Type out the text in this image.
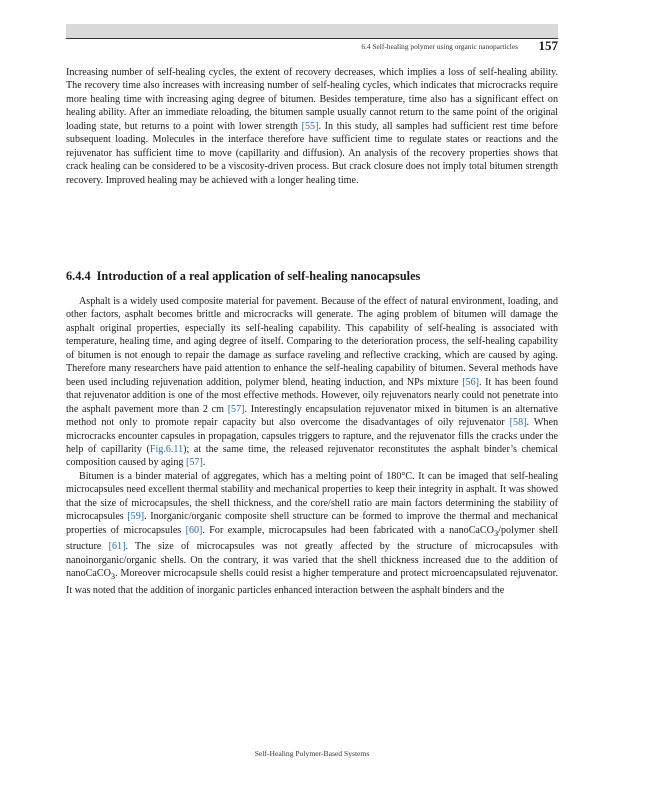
6.4 Self-healing polymer using organic nanoparticles 157

Increasing number of self-healing cycles, the extent of recovery decreases, which implies a loss of self-healing ability. The recovery time also increases with increasing number of self-healing cycles, which indicates that microcracks require more healing time with increasing aging degree of bitumen. Besides temperature, time also has a significant effect on healing ability. After an immediate reloading, the bitumen sample usually cannot return to the same point of the original loading state, but returns to a point with lower strength [55]. In this study, all samples had sufficient rest time before subsequent loading. Molecules in the interface therefore have sufficient time to regulate states or reactions and the rejuvenator has sufficient time to move (capillarity and diffusion). An analysis of the recovery properties shows that crack healing can be considered to be a viscosity-driven process. But crack closure does not imply total bitumen strength recovery. Improved healing may be achieved with a longer healing time.

6.4.4 Introduction of a real application of self-healing nanocapsules

Asphalt is a widely used composite material for pavement. Because of the effect of natural environment, loading, and other factors, asphalt becomes brittle and microcracks will generate. The aging problem of bitumen will damage the asphalt original properties, especially its self-healing capability. This capability of self-healing is associated with temperature, healing time, and aging degree of itself. Comparing to the deterioration process, the self-healing capability of bitumen is not enough to repair the damage as surface raveling and reflective cracking, which are caused by aging. Therefore many researchers have paid attention to enhance the self-healing capability of bitumen. Several methods have been used including rejuvenation addition, polymer blend, heating induction, and NPs mixture [56]. It has been found that rejuvenator addition is one of the most effective methods. However, oily rejuvenators nearly could not penetrate into the asphalt pavement more than 2 cm [57]. Interestingly encapsulation rejuvenator mixed in bitumen is an alternative method not only to promote repair capacity but also overcome the disadvantages of oily rejuvenator [58]. When microcracks encounter capsules in propagation, capsules triggers to rapture, and the rejuvenator fills the cracks under the help of capillarity (Fig.6.11); at the same time, the released rejuvenator reconstitutes the asphalt binder’s chemical composition caused by aging [57].

Bitumen is a binder material of aggregates, which has a melting point of 180°C. It can be imaged that self-healing microcapsules need excellent thermal stability and mechanical properties to keep their integrity in asphalt. It was showed that the size of microcapsules, the shell thickness, and the core/shell ratio are main factors determining the stability of microcapsules [59]. Inorganic/organic composite shell structure can be formed to improve the thermal and mechanical properties of microcapsules [60]. For example, microcapsules had been fabricated with a nanoCaCO$_3$/polymer shell structure [61]. The size of microcapsules was not greatly affected by the structure of microcapsules with nanoinorganic/organic shells. On the contrary, it was varied that the shell thickness increased due to the addition of nanoCaCO$_3$. Moreover microcapsule shells could resist a higher temperature and protect microencapsulated rejuvenator. It was noted that the addition of inorganic particles enhanced interaction between the asphalt binders and the

Self-Healing Polymer-Based Systems
